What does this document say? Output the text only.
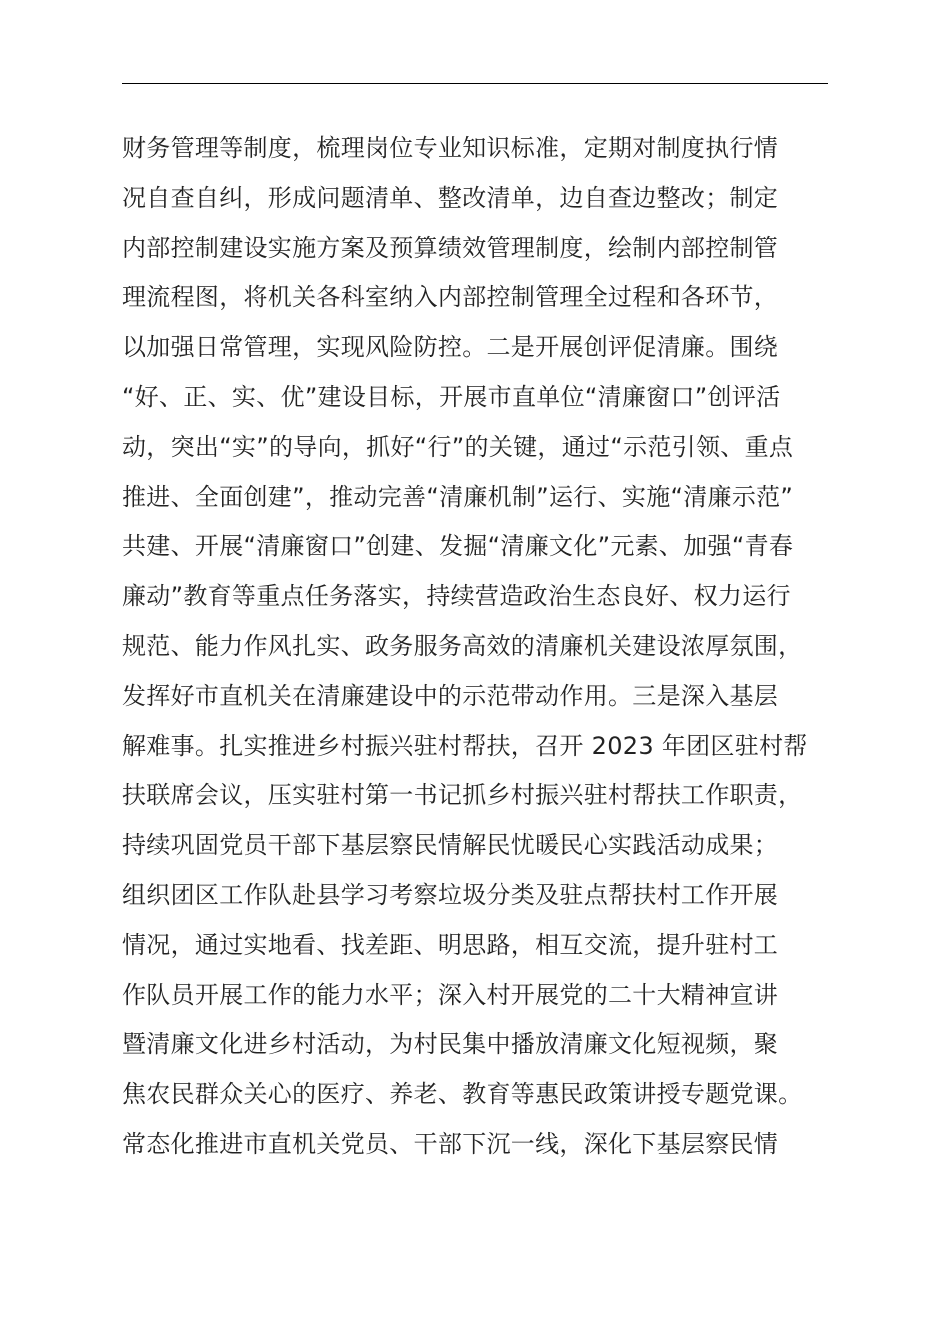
财务管理等制度，梳理岗位专业知识标准，定期对制度执行情
况自查自纠，形成问题清单、整改清单，边自查边整改；制定
内部控制建设实施方案及预算绩效管理制度，绘制内部控制管
理流程图，将机关各科室纳入内部控制管理全过程和各环节，
以加强日常管理，实现风险防控。二是开展创评促清廉。围绕
“好、正、实、优”建设目标，开展市直单位“清廉窗口”创评活
动，突出“实”的导向，抓好“行”的关键，通过“示范引领、重点
推进、全面创建”，推动完善“清廉机制”运行、实施“清廉示范”
共建、开展“清廉窗口”创建、发掘“清廉文化”元素、加强“青春
廉动”教育等重点任务落实，持续营造政治生态良好、权力运行
规范、能力作风扎实、政务服务高效的清廉机关建设浓厚氛围，
发挥好市直机关在清廉建设中的示范带动作用。三是深入基层
解难事。扎实推进乡村振兴驻村帮扶，召开 2023 年团区驻村帮
扶联席会议，压实驻村第一书记抓乡村振兴驻村帮扶工作职责，
持续巩固党员干部下基层察民情解民忧暖民心实践活动成果；
组织团区工作队赴县学习考察垃圾分类及驻点帮扶村工作开展
情况，通过实地看、找差距、明思路，相互交流，提升驻村工
作队员开展工作的能力水平；深入村开展党的二十大精神宣讲
暨清廉文化进乡村活动，为村民集中播放清廉文化短视频，聚
焦农民群众关心的医疗、养老、教育等惠民政策讲授专题党课。
常态化推进市直机关党员、干部下沉一线，深化下基层察民情
